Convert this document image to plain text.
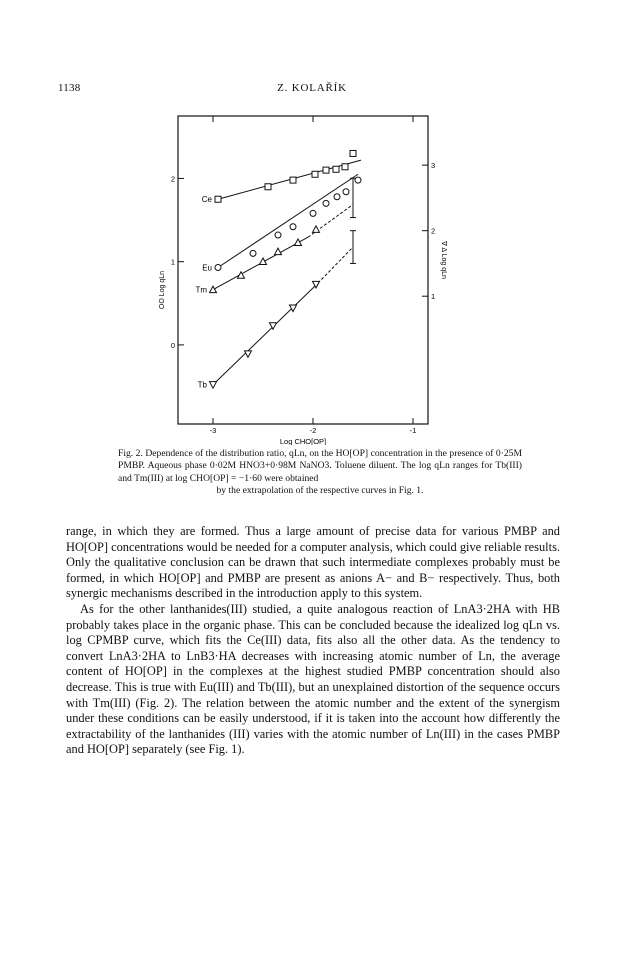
1138	Z. KOLAŘÍK
-3	-2	-1
0
1
2
1
2
3
Log CHO[OP]
OO Log qLn
∇ Δ Log qLn
Ce
Eu
Tm
Tb
Fig. 2. Dependence of the distribution ratio, qLn, on the HO[OP] concentration in the presence of 0·25M PMBP. Aqueous phase 0·02M HNO3+0·98M NaNO3. Toluene diluent. The log qLn ranges for Tb(III) and Tm(III) at log CHO[OP] = −1·60 were obtained
by the extrapolation of the respective curves in Fig. 1.

range, in which they are formed. Thus a large amount of precise data for various PMBP and HO[OP] concentrations would be needed for a computer analysis, which could give reliable results. Only the qualitative conclusion can be drawn that such intermediate complexes probably must be formed, in which HO[OP] and PMBP are present as anions A− and B− respectively. Thus, both synergic mechanisms described in the introduction apply to this system.

As for the other lanthanides(III) studied, a quite analogous reaction of LnA3·2HA with HB probably takes place in the organic phase. This can be concluded because the idealized log qLn vs. log CPMBP curve, which fits the Ce(III) data, fits also all the other data. As the tendency to convert LnA3·2HA to LnB3·HA decreases with increasing atomic number of Ln, the average content of HO[OP] in the complexes at the highest studied PMBP concentration should also decrease. This is true with Eu(III) and Tb(III), but an unexplained distortion of the sequence occurs with Tm(III) (Fig. 2). The relation between the atomic number and the extent of the synergism under these conditions can be easily understood, if it is taken into the account how differently the extractability of the lanthanides (III) varies with the atomic number of Ln(III) in the cases PMBP and HO[OP] separately (see Fig. 1).
